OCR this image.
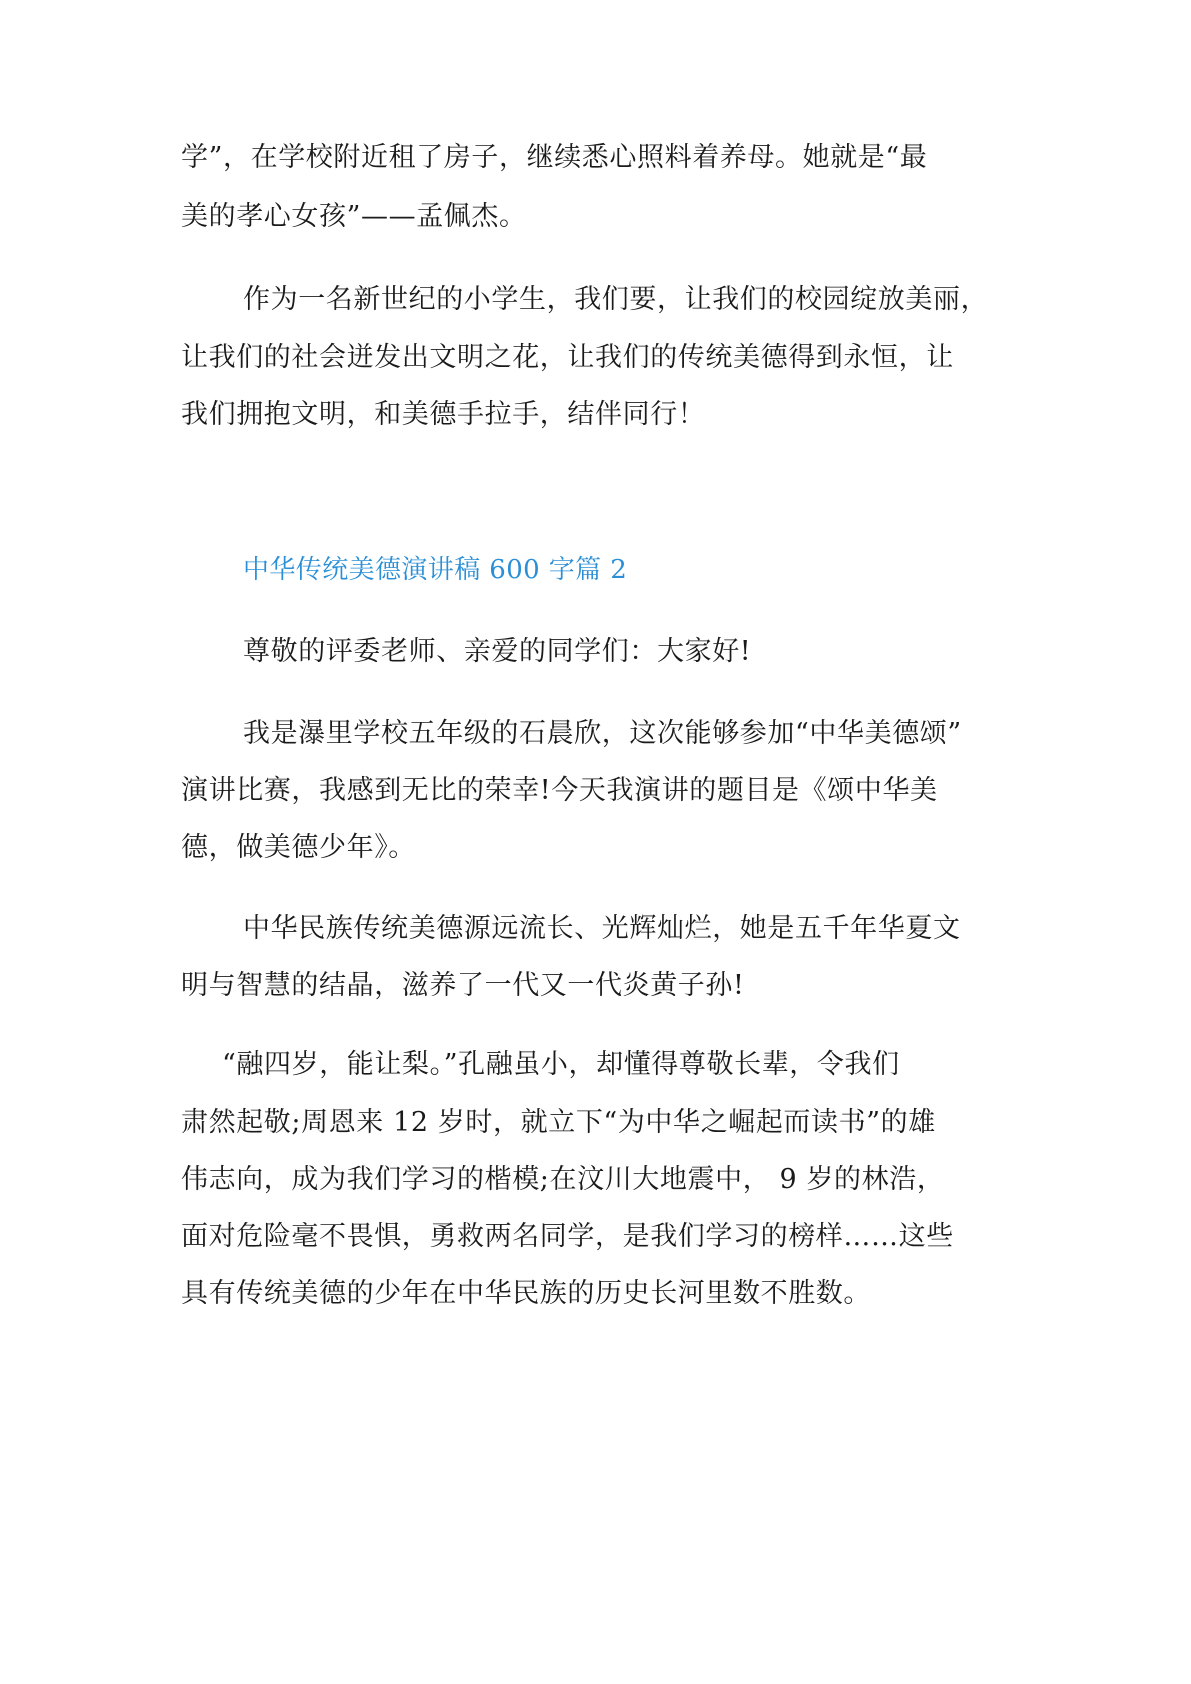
学”，在学校附近租了房子，继续悉心照料着养母。她就是“最
美的孝心女孩”——孟佩杰。
作为一名新世纪的小学生，我们要，让我们的校园绽放美丽，
让我们的社会迸发出文明之花，让我们的传统美德得到永恒，让
我们拥抱文明，和美德手拉手，结伴同行！
中华传统美德演讲稿 600 字篇 2
尊敬的评委老师、亲爱的同学们：大家好!
我是瀑里学校五年级的石晨欣，这次能够参加“中华美德颂”
演讲比赛，我感到无比的荣幸!今天我演讲的题目是《颂中华美
德，做美德少年》。
中华民族传统美德源远流长、光辉灿烂，她是五千年华夏文
明与智慧的结晶，滋养了一代又一代炎黄子孙!
“融四岁，能让梨。”孔融虽小，却懂得尊敬长辈，令我们
肃然起敬;周恩来 12 岁时，就立下“为中华之崛起而读书”的雄
伟志向，成为我们学习的楷模;在汶川大地震中， 9 岁的林浩，
面对危险毫不畏惧，勇救两名同学，是我们学习的榜样……这些
具有传统美德的少年在中华民族的历史长河里数不胜数。
